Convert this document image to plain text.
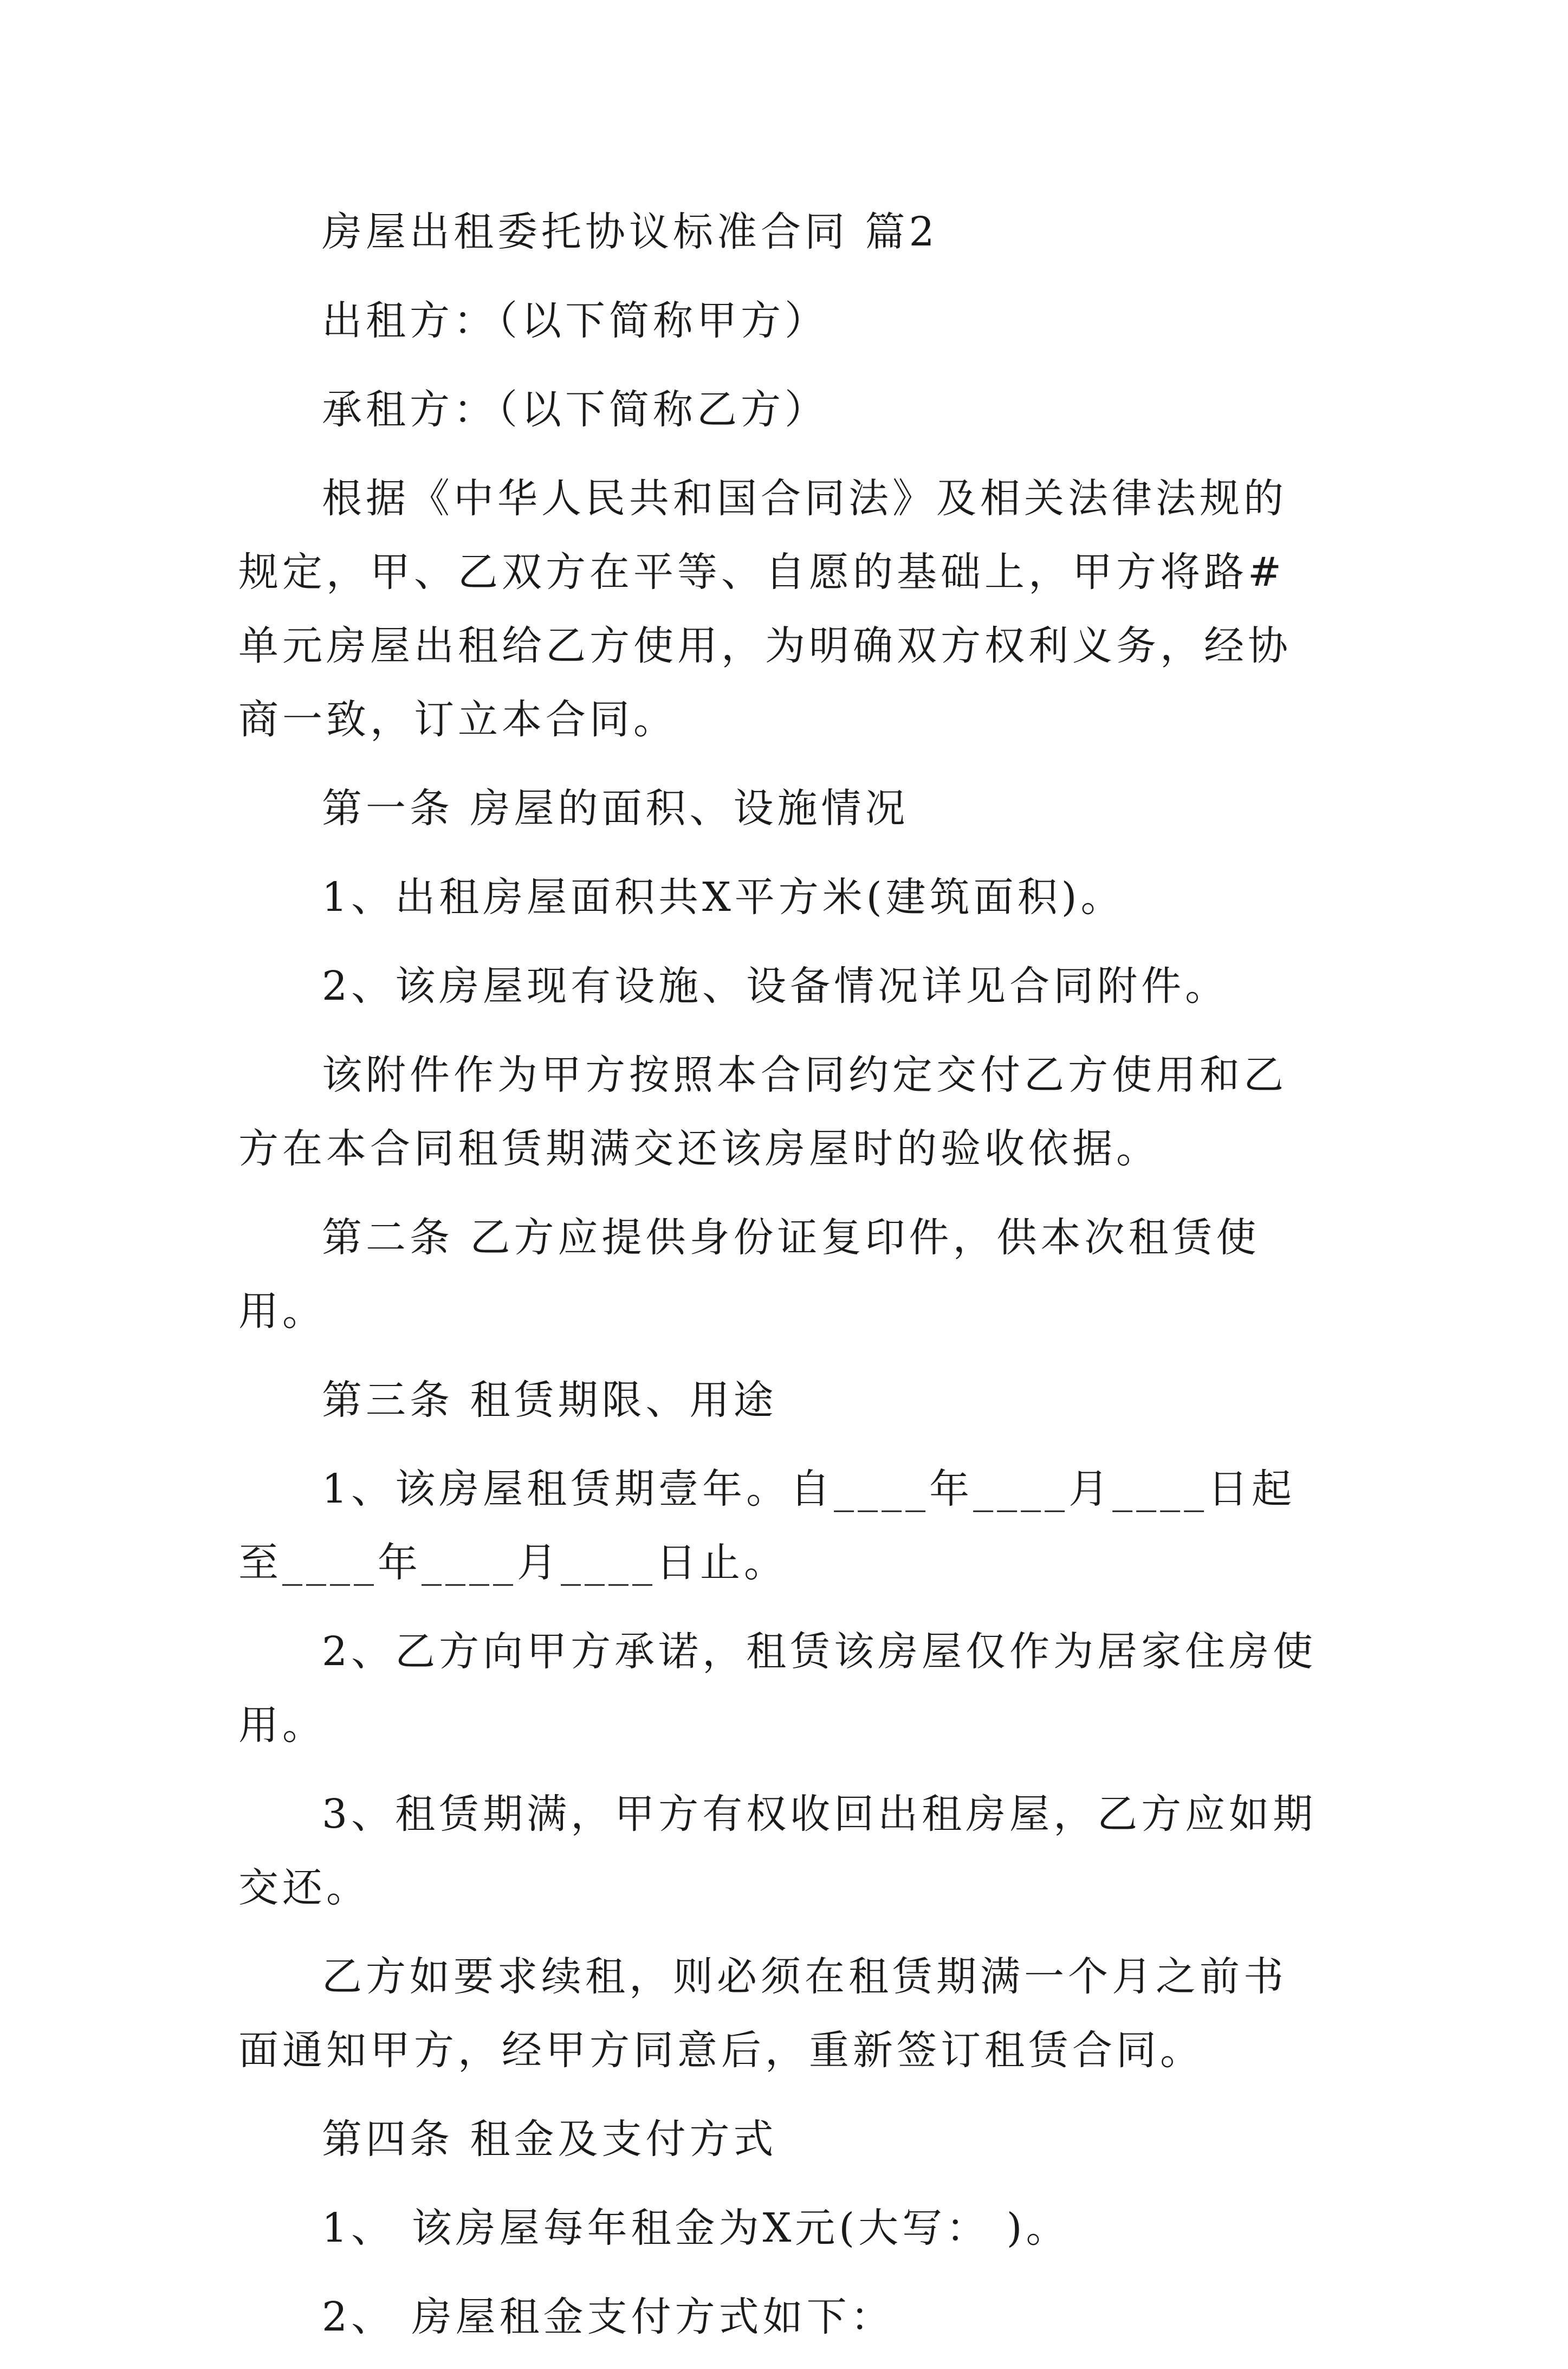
房屋出租委托协议标准合同 篇2

出租方：（以下简称甲方）

承租方：（以下简称乙方）

根据《中华人民共和国合同法》及相关法律法规的规定，甲、乙双方在平等、自愿的基础上，甲方将路#单元房屋出租给乙方使用，为明确双方权利义务，经协商一致，订立本合同。

第一条 房屋的面积、设施情况

1、出租房屋面积共X平方米(建筑面积)。

2、该房屋现有设施、设备情况详见合同附件。

该附件作为甲方按照本合同约定交付乙方使用和乙方在本合同租赁期满交还该房屋时的验收依据。

第二条 乙方应提供身份证复印件，供本次租赁使用。

第三条 租赁期限、用途

1、该房屋租赁期壹年。自____年____月____日起至____年____月____日止。

2、乙方向甲方承诺，租赁该房屋仅作为居家住房使用。

3、租赁期满，甲方有权收回出租房屋，乙方应如期交还。

乙方如要求续租，则必须在租赁期满一个月之前书面通知甲方，经甲方同意后，重新签订租赁合同。

第四条 租金及支付方式

1、 该房屋每年租金为X元(大写： )。

2、 房屋租金支付方式如下：
